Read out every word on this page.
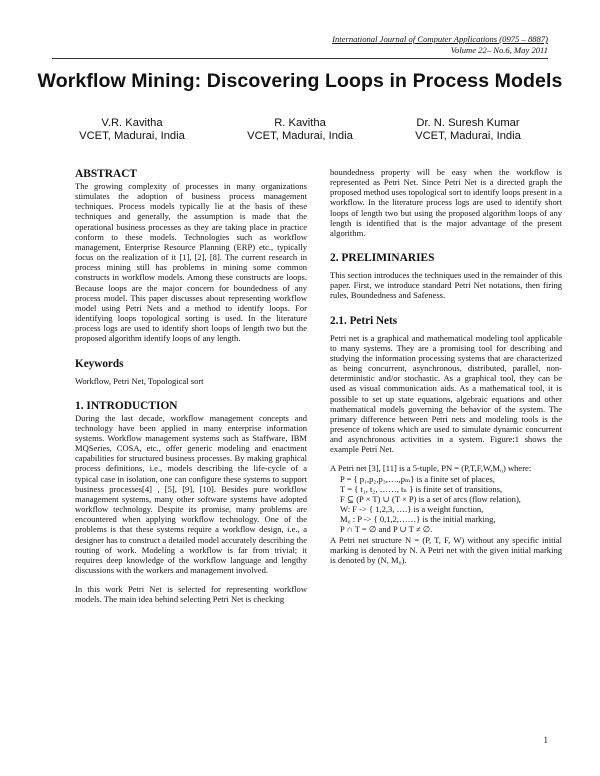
International Journal of Computer Applications (0975 – 8887)
Volume 22– No.6, May 2011
Workflow Mining: Discovering Loops in Process Models
V.R. Kavitha
VCET, Madurai, India
R. Kavitha
VCET, Madurai, India
Dr. N. Suresh Kumar
VCET, Madurai, India
ABSTRACT

The growing complexity of processes in many organizations stimulates the adoption of business process management techniques. Process models typically lie at the basis of these techniques and generally, the assumption is made that the operational business processes as they are taking place in practice conform to these models. Technologies such as workflow management, Enterprise Resource Planning (ERP) etc., typically focus on the realization of it [1], [2], [8]. The current research in process mining still has problems in mining some common constructs in workflow models. Among these constructs are loops. Because loops are the major concern for boundedness of any process model. This paper discusses about representing workflow model using Petri Nets and a method to identify loops. For identifying loops topological sorting is used. In the literature process logs are used to identify short loops of length two but the proposed algorithm identify loops of any length.

Keywords

Workflow, Petri Net, Topological sort

1. INTRODUCTION

During the last decade, workflow management concepts and technology have been applied in many enterprise information systems. Workflow management systems such as Staffware, IBM MQSeries, COSA, etc., offer generic modeling and enactment capabilities for structured business processes. By making graphical process definitions, i.e., models describing the life-cycle of a typical case in isolation, one can configure these systems to support business processes[4] , [5], [9], [10]. Besides pure workflow management systems, many other software systems have adopted workflow technology. Despite its promise, many problems are encountered when applying workflow technology. One of the problems is that these systems require a workflow design, i.e., a designer has to construct a detailed model accurately describing the routing of work. Modeling a workflow is far from trivial; it requires deep knowledge of the workflow language and lengthy discussions with the workers and management involved.

In this work Petri Net is selected for representing workflow models. The main idea behind selecting Petri Net is checking

boundedness property will be easy when the workflow is represented as Petri Net. Since Petri Net is a directed graph the proposed method uses topological sort to identify loops present in a workflow. In the literature process logs are used to identify short loops of length two but using the proposed algorithm loops of any length is identified that is the major advantage of the present algorithm.

2. PRELIMINARIES

This section introduces the techniques used in the remainder of this paper. First, we introduce standard Petri Net notations, then firing rules, Boundedness and Safeness.

2.1. Petri Nets

Petri net is a graphical and mathematical modeling tool applicable to many systems. They are a promising tool for describing and studying the information processing systems that are characterized as being concurrent, asynchronous, distributed, parallel, non-deterministic and/or stochastic. As a graphical tool, they can be used as visual communication aids. As a mathematical tool, it is possible to set up state equations, algebraic equations and other mathematical models governing the behavior of the system. The primary difference between Petri nets and modeling tools is the presence of tokens which are used to simulate dynamic concurrent and asynchronous activities in a system. Figure:1 shows the example Petri Net.

A Petri net [3], [11] is a 5-tuple, PN = (P,T,F,W,M₀) where:

P = { p₁,p₂,p₃,….,pₘ} is a finite set of places,

T = { t₁, t₂, ……, tₙ } is finite set of transitions,

F ⊆ (P × T) ∪ (T × P) is a set of arcs (flow relation),

W: F -> { 1,2,3, ….} is a weight function,

M₀ : P -> { 0,1,2,……} is the initial marking,

P ∩ T = ∅ and P ∪ T ≠ ∅.

A Petri net structure N = (P, T, F, W) without any specific initial marking is denoted by N. A Petri net with the given initial marking is denoted by (N, M₀).

1
